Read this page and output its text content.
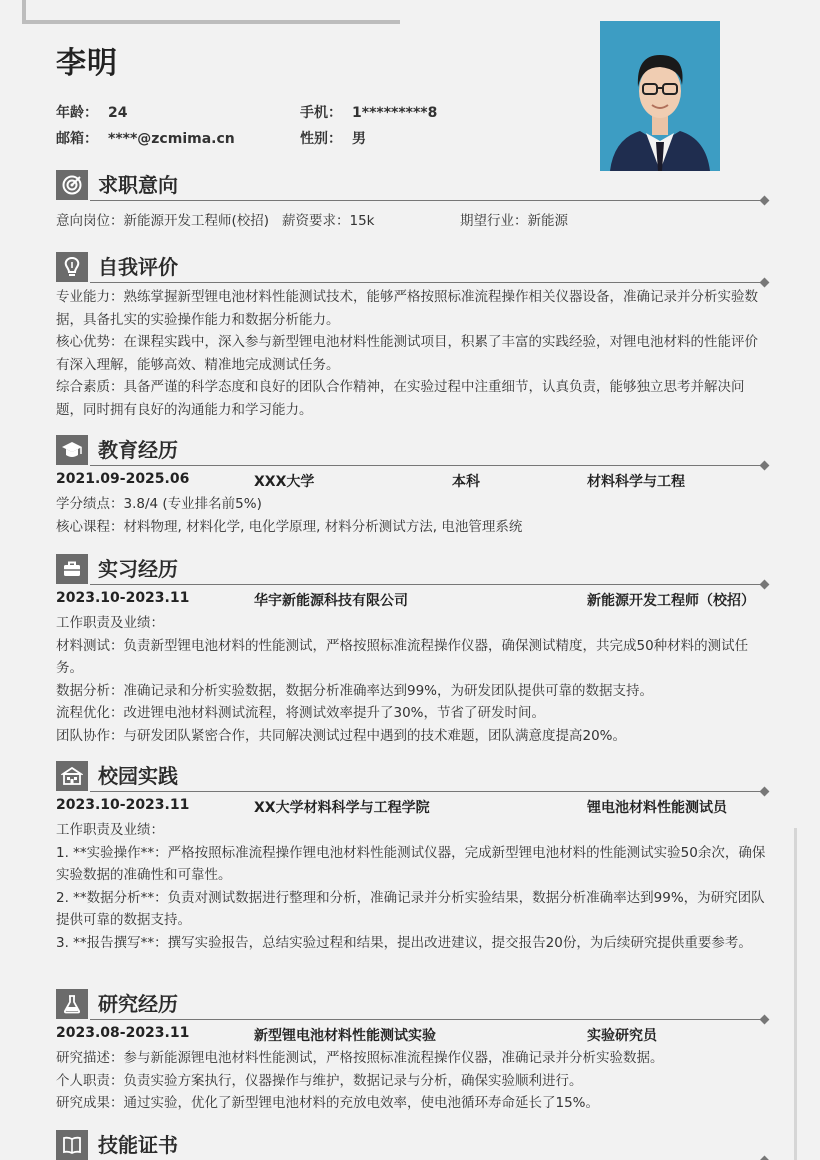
李明
年龄： 24	手机： 1*********8
邮箱： ****@zcmima.cn	性别： 男
求职意向
意向岗位：新能源开发工程师(校招) 薪资要求：15k	期望行业：新能源
自我评价
专业能力：熟练掌握新型锂电池材料性能测试技术，能够严格按照标准流程操作相关仪器设备，准确记录并分析实验数据，具备扎实的实验操作能力和数据分析能力。
核心优势：在课程实践中，深入参与新型锂电池材料性能测试项目，积累了丰富的实践经验，对锂电池材料的性能评价有深入理解，能够高效、精准地完成测试任务。
综合素质：具备严谨的科学态度和良好的团队合作精神，在实验过程中注重细节，认真负责，能够独立思考并解决问题，同时拥有良好的沟通能力和学习能力。
教育经历
2021.09-2025.06	XXX大学	本科	材料科学与工程
学分绩点：3.8/4 (专业排名前5%)
核心课程：材料物理, 材料化学, 电化学原理, 材料分析测试方法, 电池管理系统
实习经历
2023.10-2023.11	华宇新能源科技有限公司	新能源开发工程师（校招）
工作职责及业绩：
材料测试：负责新型锂电池材料的性能测试，严格按照标准流程操作仪器，确保测试精度，共完成50种材料的测试任务。
数据分析：准确记录和分析实验数据，数据分析准确率达到99%，为研发团队提供可靠的数据支持。
流程优化：改进锂电池材料测试流程，将测试效率提升了30%，节省了研发时间。
团队协作：与研发团队紧密合作，共同解决测试过程中遇到的技术难题，团队满意度提高20%。
校园实践
2023.10-2023.11	XX大学材料科学与工程学院	锂电池材料性能测试员
工作职责及业绩：
1. **实验操作**：严格按照标准流程操作锂电池材料性能测试仪器，完成新型锂电池材料的性能测试实验50余次，确保实验数据的准确性和可靠性。
2. **数据分析**：负责对测试数据进行整理和分析，准确记录并分析实验结果，数据分析准确率达到99%，为研究团队提供可靠的数据支持。
3. **报告撰写**：撰写实验报告，总结实验过程和结果，提出改进建议，提交报告20份，为后续研究提供重要参考。
研究经历
2023.08-2023.11	新型锂电池材料性能测试实验	实验研究员
研究描述：参与新能源锂电池材料性能测试，严格按照标准流程操作仪器，准确记录并分析实验数据。
个人职责：负责实验方案执行，仪器操作与维护，数据记录与分析，确保实验顺利进行。
研究成果：通过实验，优化了新型锂电池材料的充放电效率，使电池循环寿命延长了15%。
技能证书
